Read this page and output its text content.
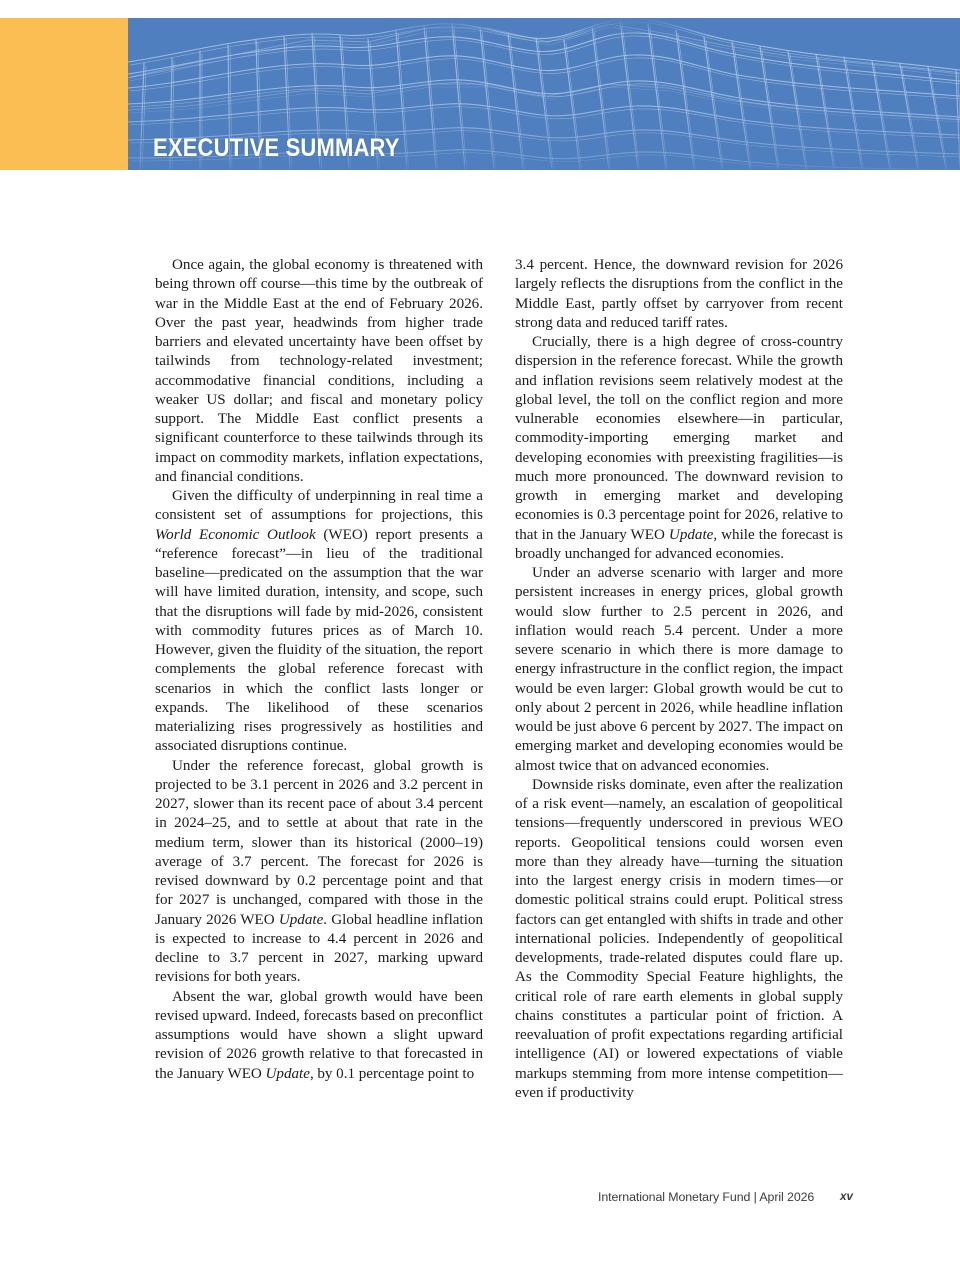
EXECUTIVE SUMMARY

Once again, the global economy is threatened with being thrown off course—this time by the outbreak of war in the Middle East at the end of February 2026. Over the past year, headwinds from higher trade barriers and elevated uncertainty have been offset by tailwinds from technology-related investment; accommodative financial conditions, including a weaker US dollar; and fiscal and monetary policy support. The Middle East conflict presents a significant counterforce to these tailwinds through its impact on commodity markets, inflation expectations, and financial conditions.

Given the difficulty of underpinning in real time a consistent set of assumptions for projections, this World Economic Outlook (WEO) report presents a “reference forecast”—in lieu of the traditional baseline—predicated on the assumption that the war will have limited duration, intensity, and scope, such that the disruptions will fade by mid-2026, consistent with commodity futures prices as of March 10. However, given the fluidity of the situation, the report complements the global reference forecast with scenarios in which the conflict lasts longer or expands. The likelihood of these scenarios materializing rises progressively as hostilities and associated disruptions continue.

Under the reference forecast, global growth is projected to be 3.1 percent in 2026 and 3.2 percent in 2027, slower than its recent pace of about 3.4 percent in 2024–25, and to settle at about that rate in the medium term, slower than its historical (2000–19) average of 3.7 percent. The forecast for 2026 is revised downward by 0.2 percentage point and that for 2027 is unchanged, compared with those in the January 2026 WEO Update. Global headline inflation is expected to increase to 4.4 percent in 2026 and decline to 3.7 percent in 2027, marking upward revisions for both years.

Absent the war, global growth would have been revised upward. Indeed, forecasts based on preconflict assumptions would have shown a slight upward revision of 2026 growth relative to that forecasted in the January WEO Update, by 0.1 percentage point to

3.4 percent. Hence, the downward revision for 2026 largely reflects the disruptions from the conflict in the Middle East, partly offset by carryover from recent strong data and reduced tariff rates.

Crucially, there is a high degree of cross-country dispersion in the reference forecast. While the growth and inflation revisions seem relatively modest at the global level, the toll on the conflict region and more vulnerable economies elsewhere—in particular, commodity-importing emerging market and developing economies with preexisting fragilities—is much more pronounced. The downward revision to growth in emerging market and developing economies is 0.3 percentage point for 2026, relative to that in the January WEO Update, while the forecast is broadly unchanged for advanced economies.

Under an adverse scenario with larger and more persistent increases in energy prices, global growth would slow further to 2.5 percent in 2026, and inflation would reach 5.4 percent. Under a more severe scenario in which there is more damage to energy infrastructure in the conflict region, the impact would be even larger: Global growth would be cut to only about 2 percent in 2026, while headline inflation would be just above 6 percent by 2027. The impact on emerging market and developing economies would be almost twice that on advanced economies.

Downside risks dominate, even after the realization of a risk event—namely, an escalation of geopolitical tensions—frequently underscored in previous WEO reports. Geopolitical tensions could worsen even more than they already have—turning the situation into the largest energy crisis in modern times—or domestic political strains could erupt. Political stress factors can get entangled with shifts in trade and other international policies. Independently of geopolitical developments, trade-related disputes could flare up. As the Commodity Special Feature highlights, the critical role of rare earth elements in global supply chains constitutes a particular point of friction. A reevaluation of profit expectations regarding artificial intelligence (AI) or lowered expectations of viable markups stemming from more intense competition—even if productivity

International Monetary Fund | April 2026 xv
